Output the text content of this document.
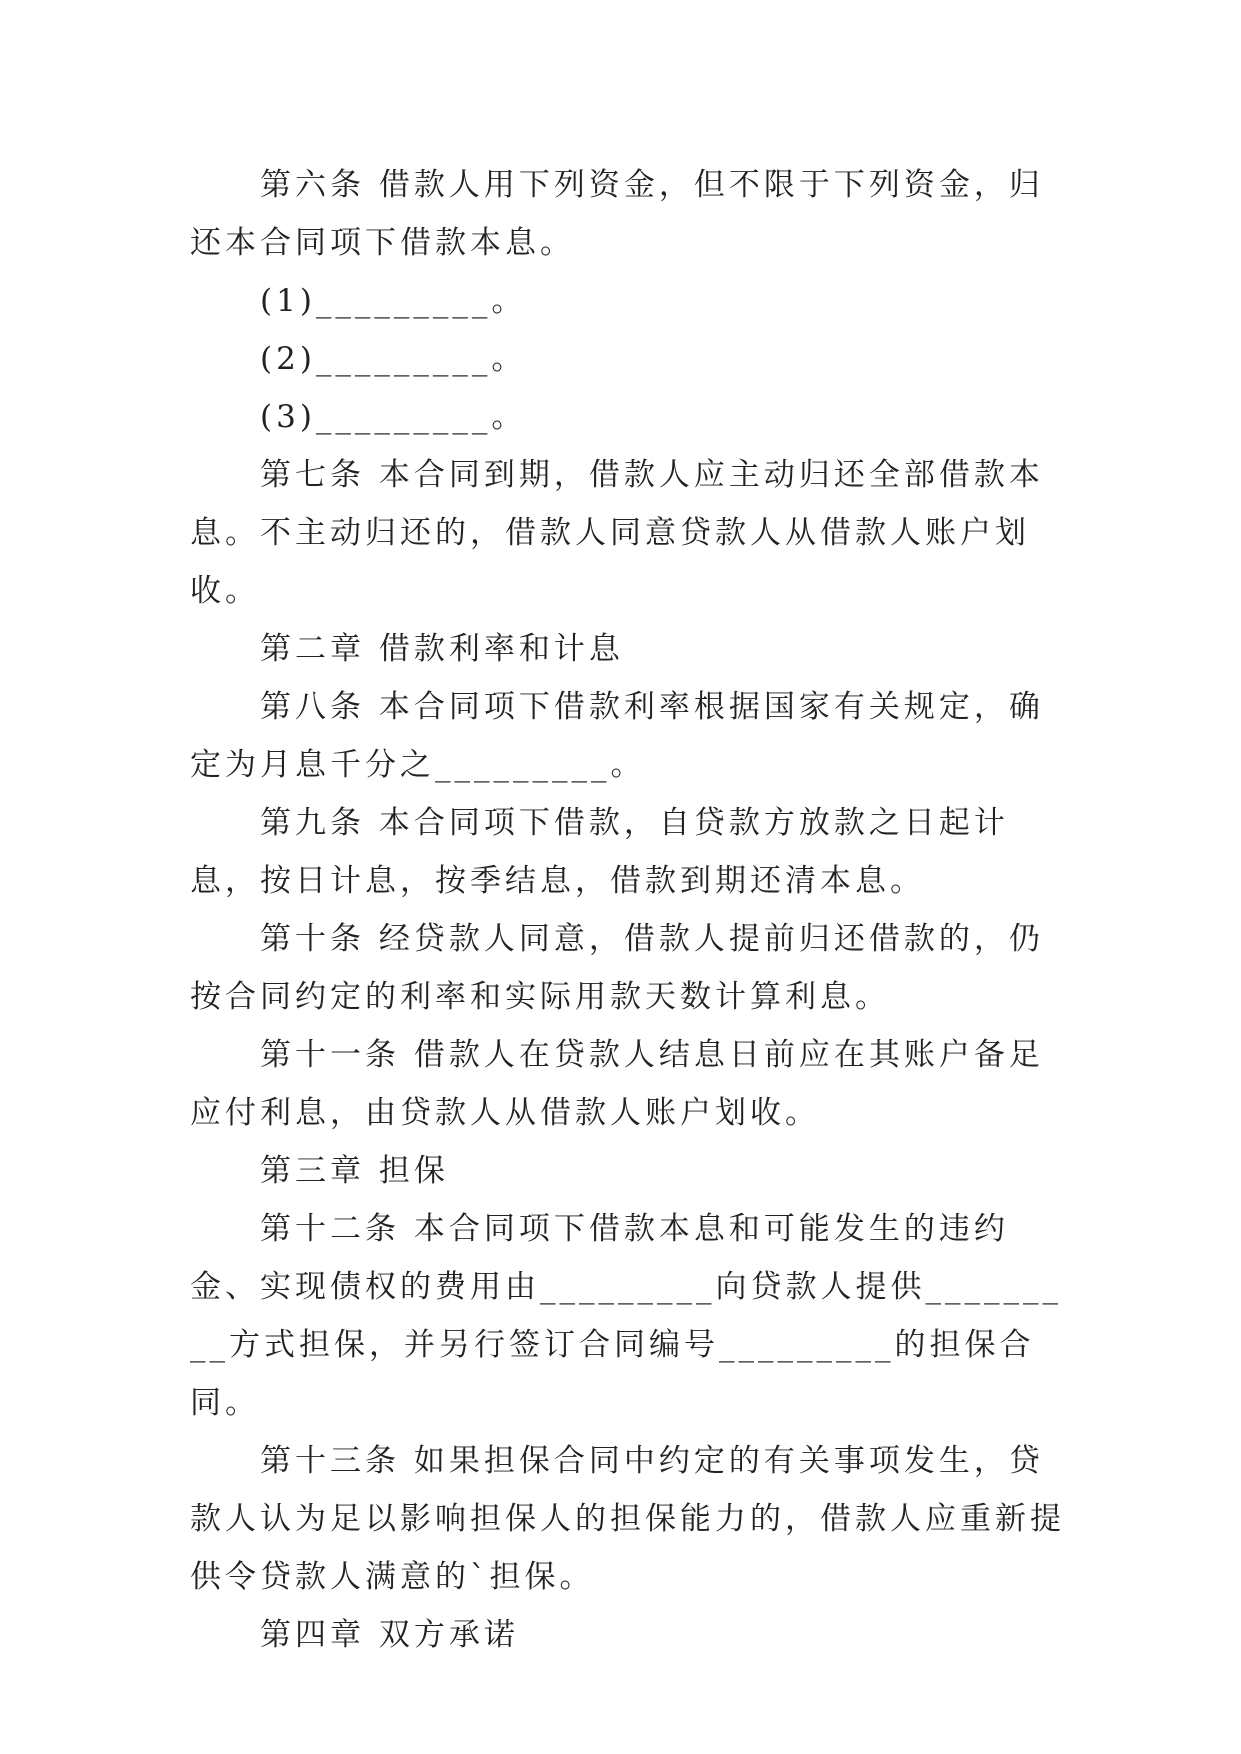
第六条 借款人用下列资金，但不限于下列资金，归还本合同项下借款本息。

(1)_________。

(2)_________。

(3)_________。

第七条 本合同到期，借款人应主动归还全部借款本息。不主动归还的，借款人同意贷款人从借款人账户划收。

第二章 借款利率和计息

第八条 本合同项下借款利率根据国家有关规定，确定为月息千分之_________。

第九条 本合同项下借款，自贷款方放款之日起计息，按日计息，按季结息，借款到期还清本息。

第十条 经贷款人同意，借款人提前归还借款的，仍按合同约定的利率和实际用款天数计算利息。

第十一条 借款人在贷款人结息日前应在其账户备足应付利息，由贷款人从借款人账户划收。

第三章 担保

第十二条 本合同项下借款本息和可能发生的违约金、实现债权的费用由_________向贷款人提供_________方式担保，并另行签订合同编号_________的担保合同。

第十三条 如果担保合同中约定的有关事项发生，贷款人认为足以影响担保人的担保能力的，借款人应重新提供令贷款人满意的`担保。

第四章 双方承诺
